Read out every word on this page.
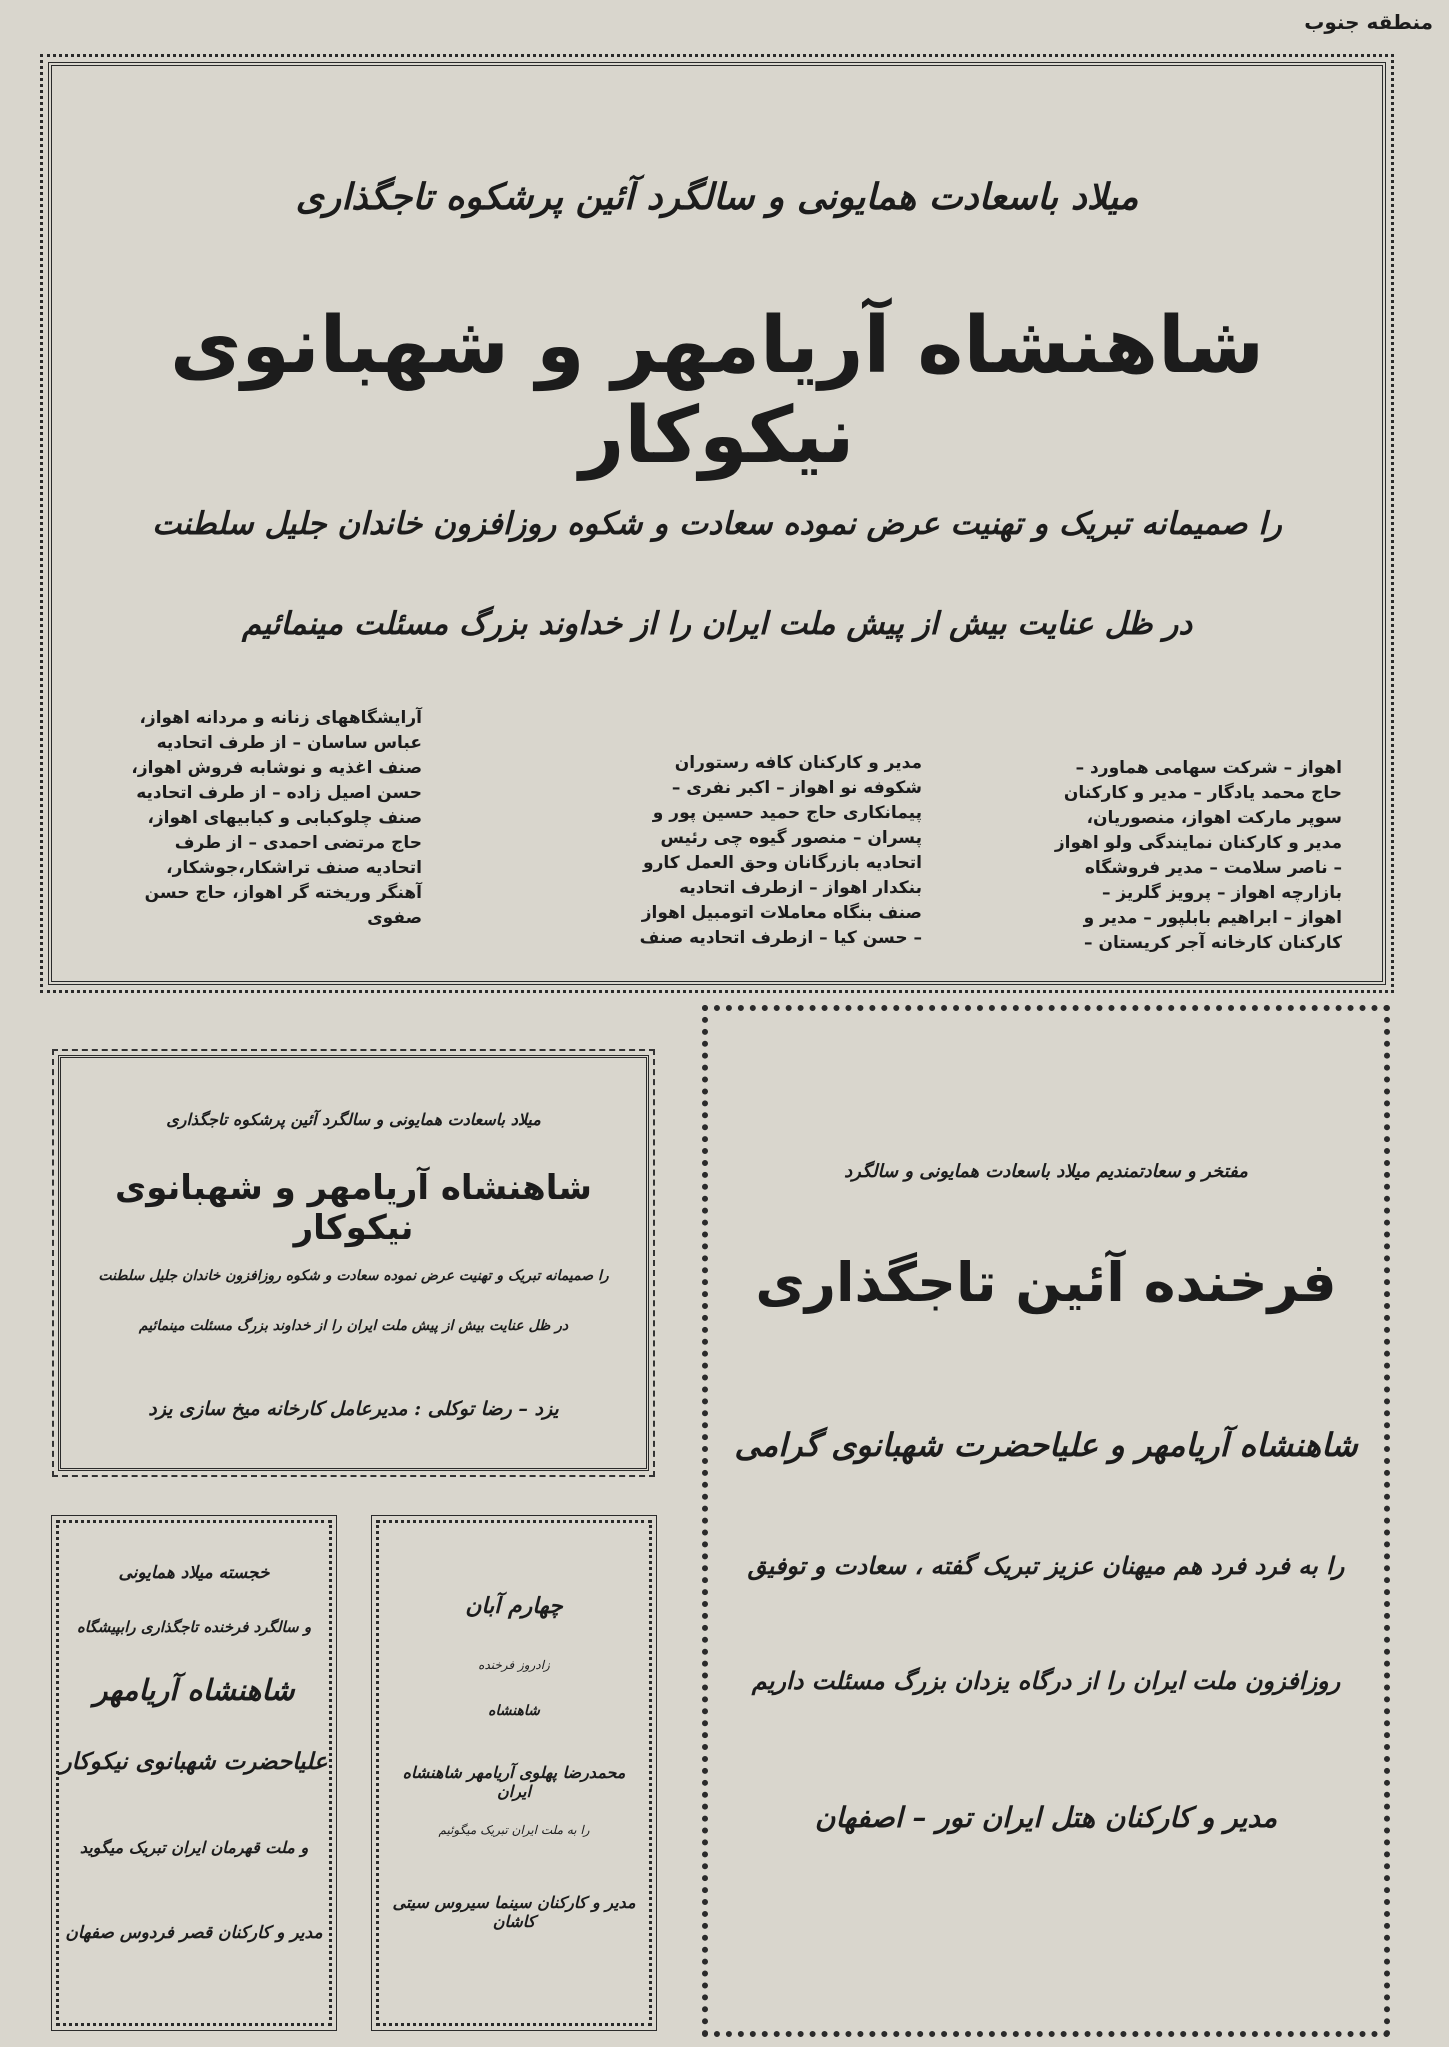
منطقه جنوب
میلاد باسعادت همایونی و سالگرد آئین پرشکوه تاجگذاری
شاهنشاه آریامهر و شهبانوی نیکوکار
را صمیمانه تبریک و تهنیت عرض نموده سعادت و شکوه روزافزون خاندان جلیل سلطنت
در ظل عنایت بیش از پیش ملت ایران را از خداوند بزرگ مسئلت مینمائیم
آرایشگاههای زنانه و مردانه اهواز،
عباس ساسان – از طرف اتحادیه
صنف اغذیه و نوشابه فروش اهواز،
حسن اصیل زاده – از طرف اتحادیه
صنف چلوکبابی و کبابیهای اهواز،
حاج مرتضی احمدی – از طرف
اتحادیه صنف تراشکار،جوشکار،
آهنگر وریخته گر اهواز، حاج حسن
صفوی
مدیر و کارکنان کافه رستوران
شکوفه نو اهواز – اکبر نفری –
پیمانکاری حاج حمید حسین پور و
پسران – منصور گیوه چی رئیس
اتحادیه بازرگانان وحق العمل کارو
بنکدار اهواز – ازطرف اتحادیه
صنف بنگاه معاملات اتومبیل اهواز
– حسن کیا – ازطرف اتحادیه صنف
اهواز – شرکت سهامی هماورد –
حاج محمد یادگار – مدیر و کارکنان
سوپر مارکت اهواز، منصوریان،
مدیر و کارکنان نمایندگی ولو اهواز
– ناصر سلامت – مدیر فروشگاه
بازارچه اهواز – پرویز گلریز –
اهواز – ابراهیم بابلپور – مدیر و
کارکنان کارخانه آجر کریستان –
میلاد باسعادت همایونی و سالگرد آئین پرشکوه تاجگذاری
شاهنشاه آریامهر و شهبانوی نیکوکار
را صمیمانه تبریک و تهنیت عرض نموده سعادت و شکوه روزافزون خاندان جلیل سلطنت
در ظل عنایت بیش از پیش ملت ایران را از خداوند بزرگ مسئلت مینمائیم
یزد – رضا توکلی : مدیرعامل کارخانه میخ سازی یزد
خجسته میلاد همایونی
و سالگرد فرخنده تاجگذاری رابپیشگاه
شاهنشاه آریامهر
علیاحضرت شهبانوی نیکوکار
و ملت قهرمان ایران تبریک میگوید
مدیر و کارکنان قصر فردوس صفهان
چهارم آبان
زادروز فرخنده
شاهنشاه
محمدرضا پهلوی آریامهر شاهنشاه ایران
را به ملت ایران تبریک میگوئیم
مدیر و کارکنان سینما سیروس سیتی کاشان
مفتخر و سعادتمندیم میلاد باسعادت همایونی و سالگرد
فرخنده آئین تاجگذاری
شاهنشاه آریامهر و علیاحضرت شهبانوی گرامی
را به فرد فرد هم میهنان عزیز تبریک گفته ، سعادت و توفیق
روزافزون ملت ایران را از درگاه یزدان بزرگ مسئلت داریم
مدیر و کارکنان هتل ایران تور – اصفهان
